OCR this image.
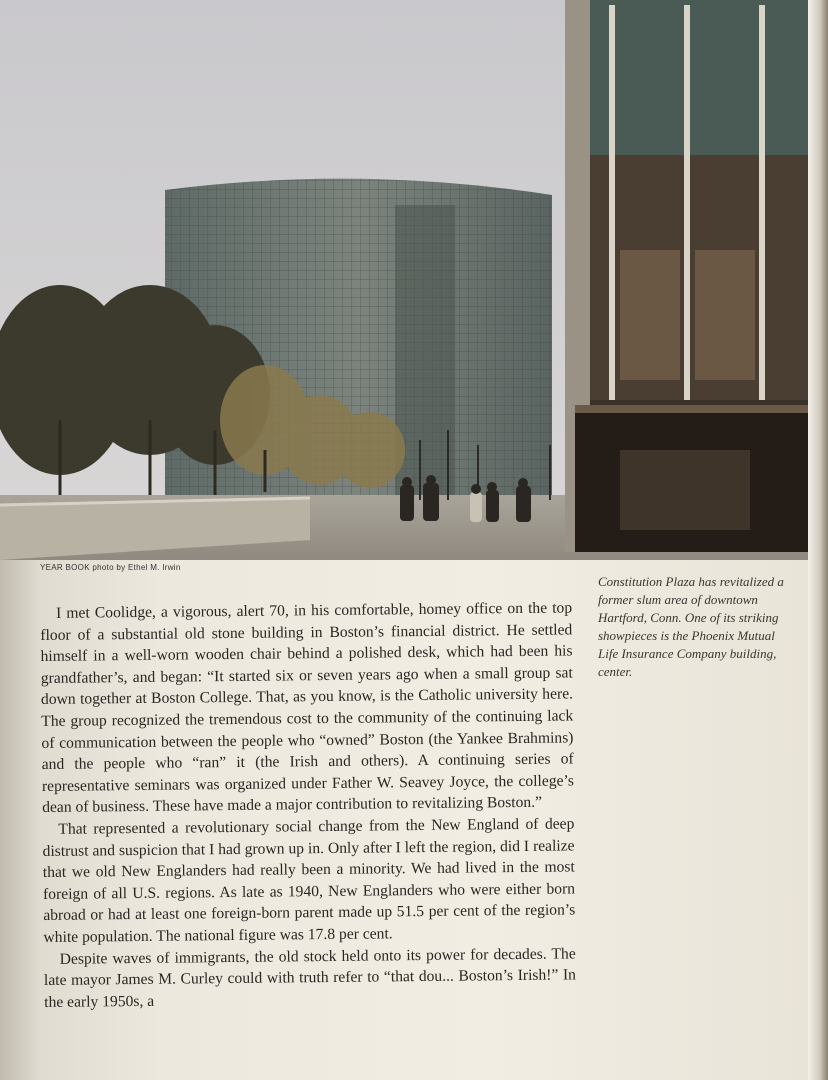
YEAR BOOK photo by Ethel M. Irwin
Constitution Plaza has revitalized a former slum area of downtown Hartford, Conn. One of its striking showpieces is the Phoenix Mutual Life Insurance Company building, center.

I met Coolidge, a vigorous, alert 70, in his comfortable, homey office on the top floor of a substantial old stone building in Boston’s financial district. He settled himself in a well-worn wooden chair behind a polished desk, which had been his grandfather’s, and began: “It started six or seven years ago when a small group sat down together at Boston College. That, as you know, is the Catholic university here. The group recognized the tremendous cost to the community of the continuing lack of communication between the people who “owned” Boston (the Yankee Brahmins) and the people who “ran” it (the Irish and others). A continuing series of representative seminars was organized under Father W. Seavey Joyce, the college’s dean of business. These have made a major contribution to revitalizing Boston.”

That represented a revolutionary social change from the New England of deep distrust and suspicion that I had grown up in. Only after I left the region, did I realize that we old New Englanders had really been a minority. We had lived in the most foreign of all U.S. regions. As late as 1940, New Englanders who were either born abroad or had at least one foreign-born parent made up 51.5 per cent of the region’s white population. The national figure was 17.8 per cent.

Despite waves of immigrants, the old stock held onto its power for decades. The late mayor James M. Curley could with truth refer to “that dou... Boston’s Irish!” In the early 1950s, a
